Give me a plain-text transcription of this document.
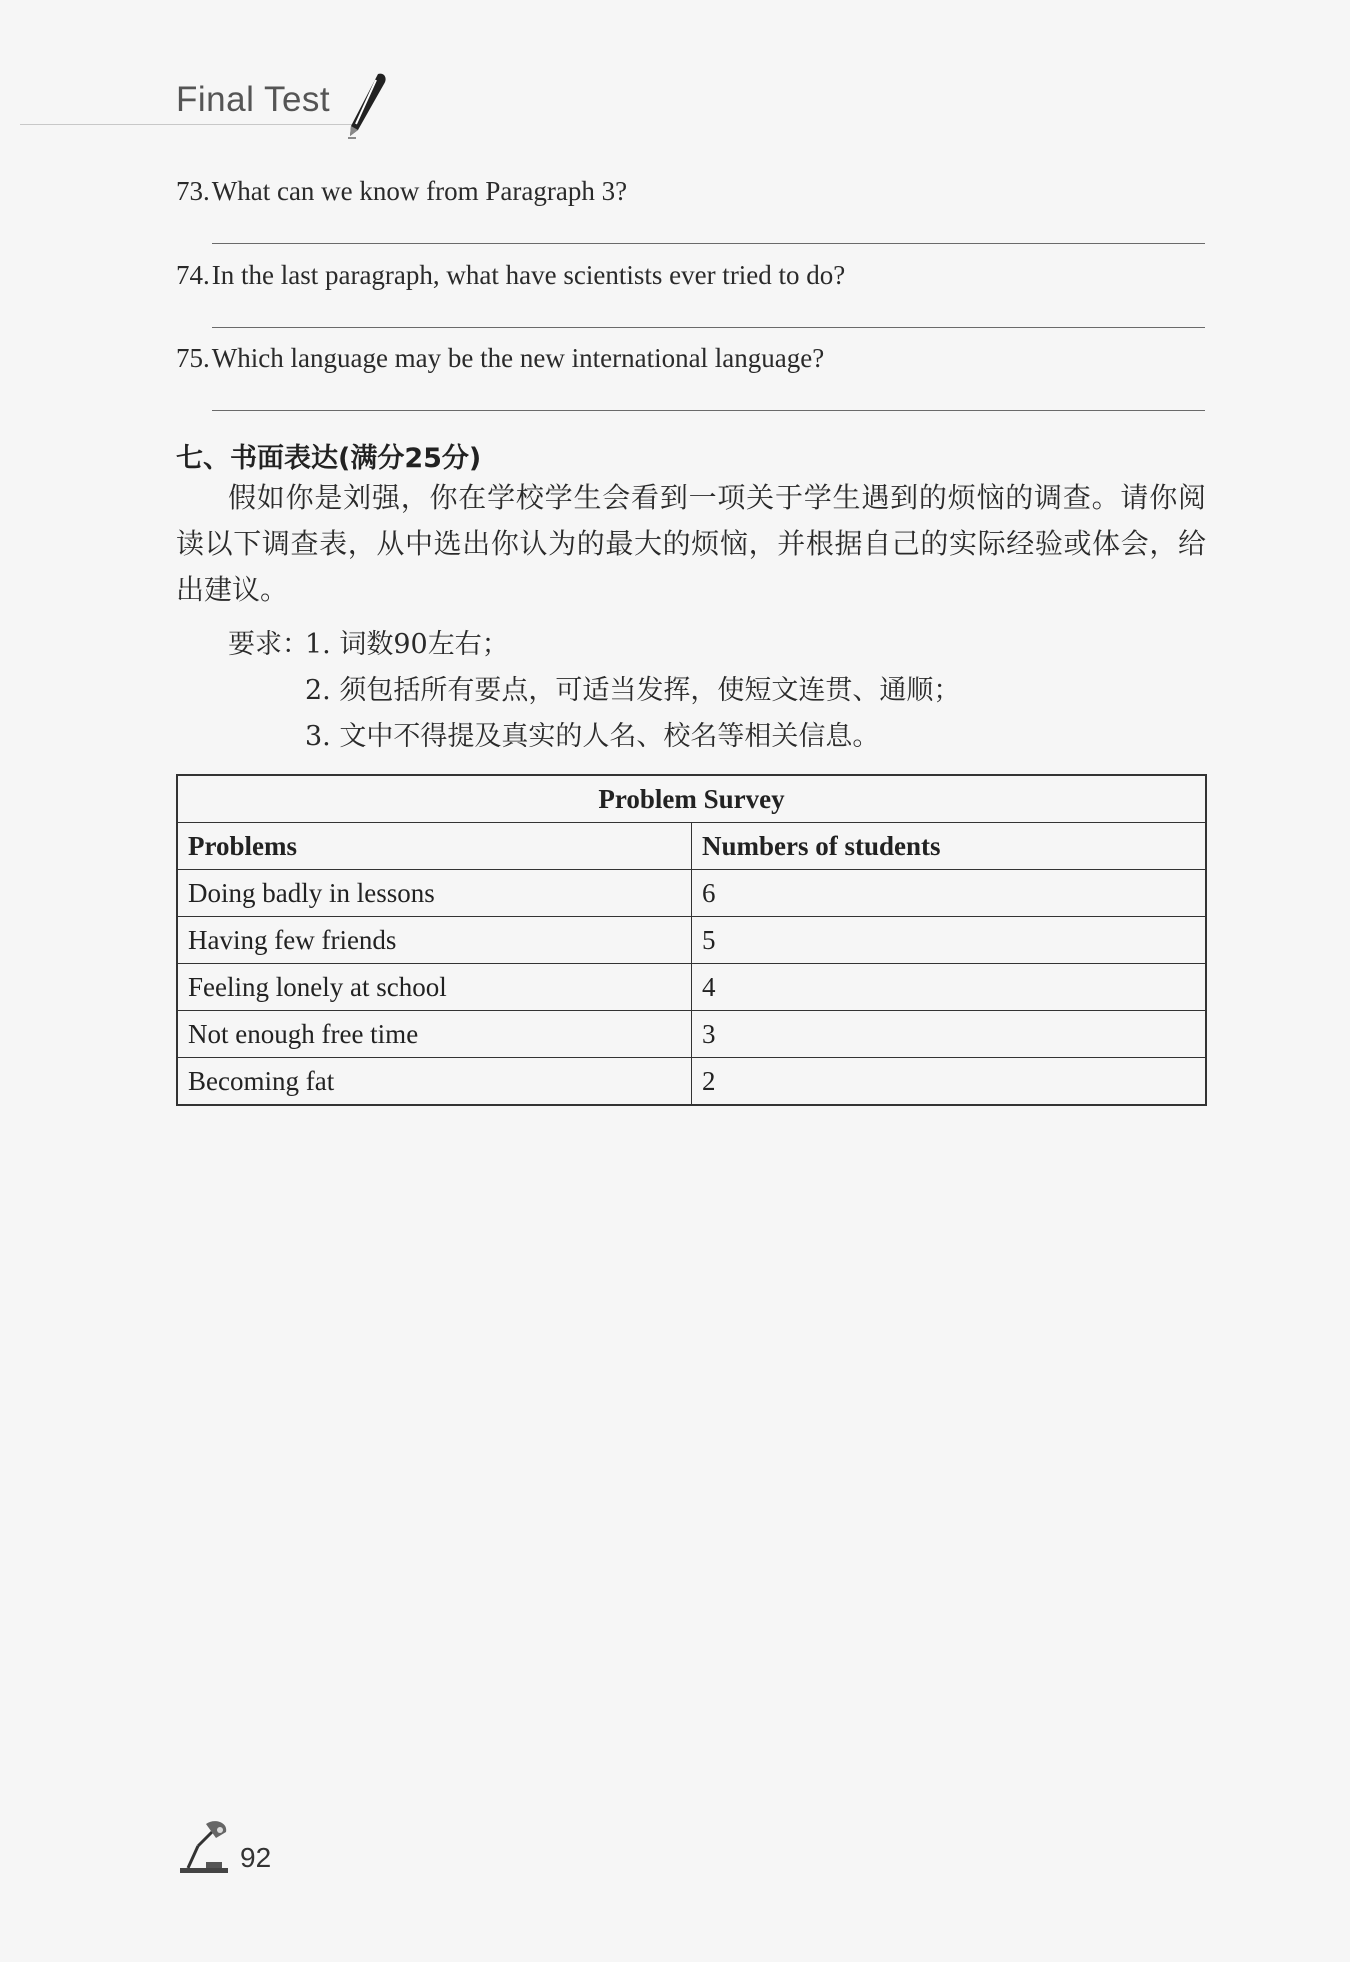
Final Test
73.What can we know from Paragraph 3?
74.In the last paragraph, what have scientists ever tried to do?
75.Which language may be the new international language?
七、书面表达(满分25分)
假如你是刘强，你在学校学生会看到一项关于学生遇到的烦恼的调查。请你阅读以下调查表，从中选出你认为的最大的烦恼，并根据自己的实际经验或体会，给出建议。
要求：
1. 词数90左右；
2. 须包括所有要点，可适当发挥，使短文连贯、通顺；
3. 文中不得提及真实的人名、校名等相关信息。
Problem Survey	
Problems	Numbers of students
Doing badly in lessons	6
Having few friends	5
Feeling lonely at school	4
Not enough free time	3
Becoming fat	2
92
